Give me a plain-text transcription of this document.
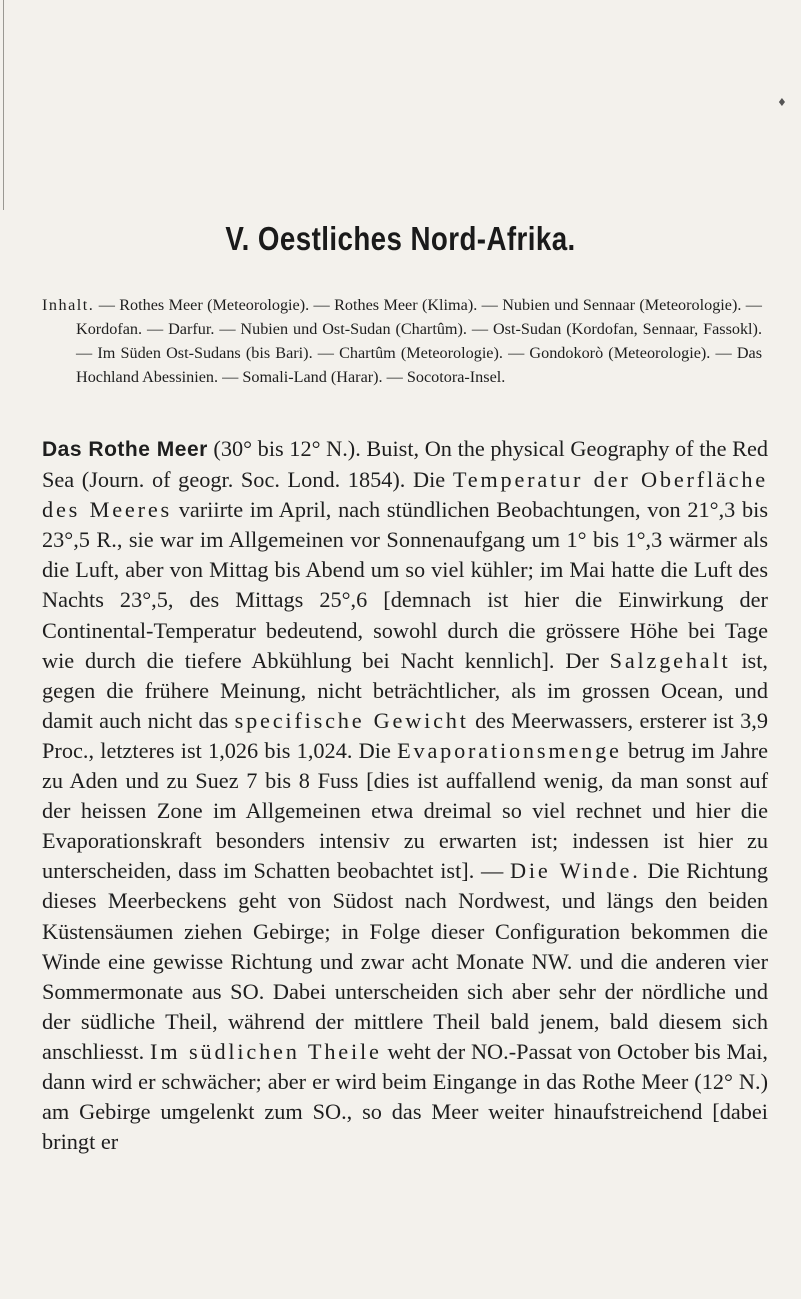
♦
V. Oestliches Nord-Afrika.

Inhalt. — Rothes Meer (Meteorologie). — Rothes Meer (Klima). — Nubien und Sennaar (Meteorologie). — Kordofan. — Darfur. — Nubien und Ost-Sudan (Chartûm). — Ost-Sudan (Kordofan, Sennaar, Fassokl). — Im Süden Ost-Sudans (bis Bari). — Chartûm (Meteorologie). — Gondokorò (Meteorologie). — Das Hochland Abessinien. — Somali-Land (Harar). — Socotora-Insel.

Das Rothe Meer (30° bis 12° N.). Buist, On the physical Geography of the Red Sea (Journ. of geogr. Soc. Lond. 1854). Die Temperatur der Oberfläche des Meeres variirte im April, nach stündlichen Beobachtungen, von 21°,3 bis 23°,5 R., sie war im Allgemeinen vor Sonnenaufgang um 1° bis 1°,3 wärmer als die Luft, aber von Mittag bis Abend um so viel kühler; im Mai hatte die Luft des Nachts 23°,5, des Mittags 25°,6 [demnach ist hier die Einwirkung der Continental-Temperatur bedeutend, sowohl durch die grössere Höhe bei Tage wie durch die tiefere Abkühlung bei Nacht kennlich]. Der Salzgehalt ist, gegen die frühere Meinung, nicht beträchtlicher, als im grossen Ocean, und damit auch nicht das specifische Gewicht des Meerwassers, ersterer ist 3,9 Proc., letzteres ist 1,026 bis 1,024. Die Evaporationsmenge betrug im Jahre zu Aden und zu Suez 7 bis 8 Fuss [dies ist auffallend wenig, da man sonst auf der heissen Zone im Allgemeinen etwa dreimal so viel rechnet und hier die Evaporationskraft besonders intensiv zu erwarten ist; indessen ist hier zu unterscheiden, dass im Schatten beobachtet ist]. — Die Winde. Die Richtung dieses Meerbeckens geht von Südost nach Nordwest, und längs den beiden Küstensäumen ziehen Gebirge; in Folge dieser Configuration bekommen die Winde eine gewisse Richtung und zwar acht Monate NW. und die anderen vier Sommermonate aus SO. Dabei unterscheiden sich aber sehr der nördliche und der südliche Theil, während der mittlere Theil bald jenem, bald diesem sich anschliesst. Im südlichen Theile weht der NO.-Passat von October bis Mai, dann wird er schwächer; aber er wird beim Eingange in das Rothe Meer (12° N.) am Gebirge umgelenkt zum SO., so das Meer weiter hinaufstreichend [dabei bringt er
